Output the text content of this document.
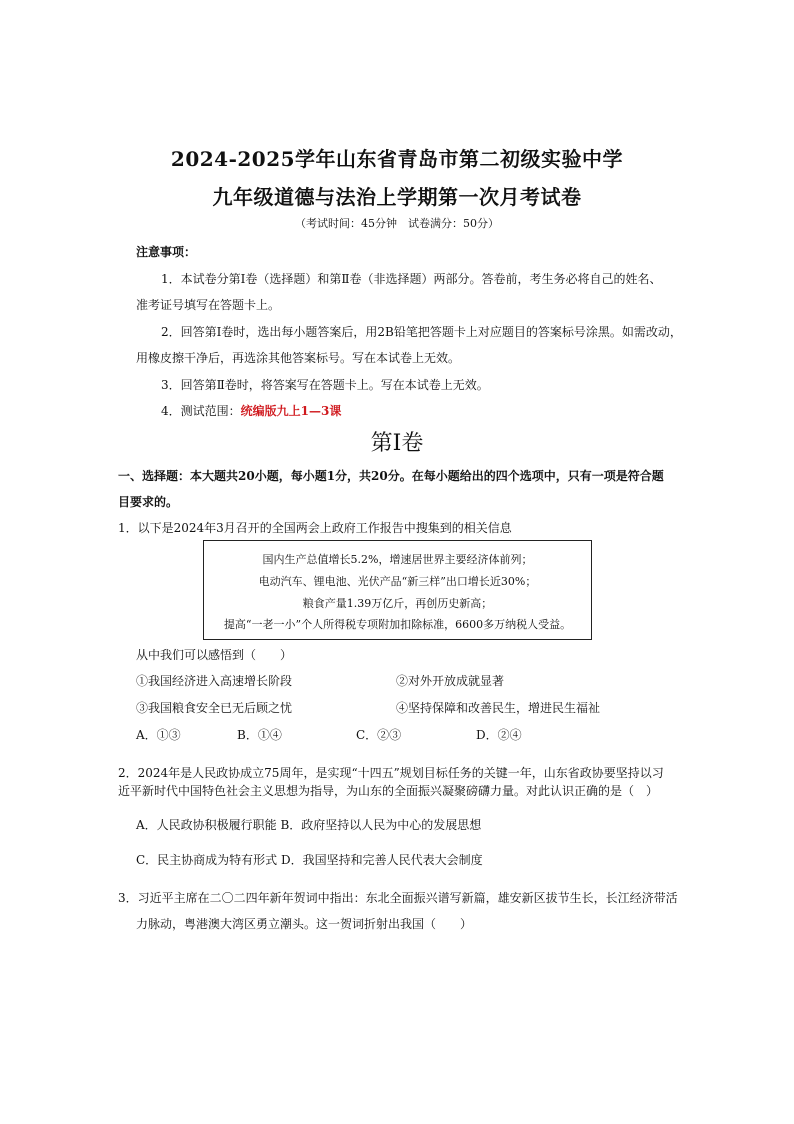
2024-2025学年山东省青岛市第二初级实验中学
九年级道德与法治上学期第一次月考试卷
（考试时间：45分钟　试卷满分：50分）
注意事项：
1．本试卷分第Ⅰ卷（选择题）和第Ⅱ卷（非选择题）两部分。答卷前，考生务必将自己的姓名、
准考证号填写在答题卡上。
2．回答第Ⅰ卷时，选出每小题答案后，用2B铅笔把答题卡上对应题目的答案标号涂黑。如需改动，
用橡皮擦干净后，再选涂其他答案标号。写在本试卷上无效。
3．回答第Ⅱ卷时，将答案写在答题卡上。写在本试卷上无效。
4．测试范围：统编版九上1—3课
第Ⅰ卷
一、选择题：本大题共20小题，每小题1分，共20分。在每小题给出的四个选项中，只有一项是符合题
目要求的。
1．以下是2024年3月召开的全国两会上政府工作报告中搜集到的相关信息
国内生产总值增长5.2%，增速居世界主要经济体前列；
电动汽车、锂电池、光伏产品“新三样”出口增长近30%；
粮食产量1.39万亿斤，再创历史新高；
提高“一老一小”个人所得税专项附加扣除标准，6600多万纳税人受益。
从中我们可以感悟到（　　）
①我国经济进入高速增长阶段	②对外开放成就显著
③我国粮食安全已无后顾之忧	④坚持保障和改善民生，增进民生福祉
A．①③	B．①④	C．②③	D．②④
2．2024年是人民政协成立75周年，是实现“十四五”规划目标任务的关键一年，山东省政协要坚持以习
近平新时代中国特色社会主义思想为指导，为山东的全面振兴凝聚磅礴力量。对此认识正确的是（　）
A．人民政协积极履行职能 B．政府坚持以人民为中心的发展思想
C．民主协商成为特有形式 D．我国坚持和完善人民代表大会制度
3．习近平主席在二〇二四年新年贺词中指出：东北全面振兴谱写新篇，雄安新区拔节生长，长江经济带活
力脉动，粤港澳大湾区勇立潮头。这一贺词折射出我国（　　）
